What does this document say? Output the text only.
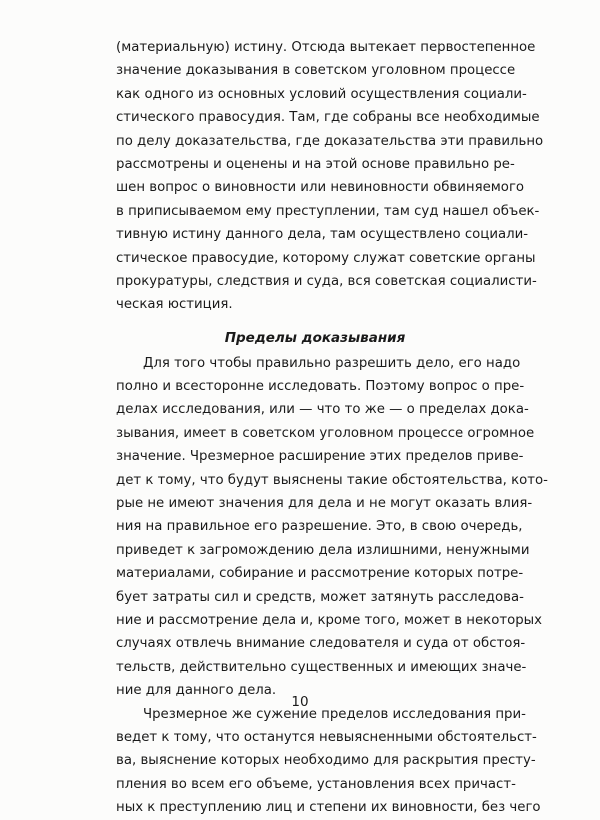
(материальную) истину. Отсюда вытекает первостепенное
значение доказывания в советском уголовном процессе
как одного из основных условий осуществления социали-
стического правосудия. Там, где собраны все необходимые
по делу доказательства, где доказательства эти правильно
рассмотрены и оценены и на этой основе правильно ре-
шен вопрос о виновности или невиновности обвиняемого
в приписываемом ему преступлении, там суд нашел объек-
тивную истину данного дела, там осуществлено социали-
стическое правосудие, которому служат советские органы
прокуратуры, следствия и суда, вся советская социалисти-
ческая юстиция.
Пределы доказывания
Для того чтобы правильно разрешить дело, его надо
полно и всесторонне исследовать. Поэтому вопрос о пре-
делах исследования, или — что то же — о пределах дока-
зывания, имеет в советском уголовном процессе огромное
значение. Чрезмерное расширение этих пределов приве-
дет к тому, что будут выяснены такие обстоятельства, кото-
рые не имеют значения для дела и не могут оказать влия-
ния на правильное его разрешение. Это, в свою очередь,
приведет к загромождению дела излишними, ненужными
материалами, собирание и рассмотрение которых потре-
бует затраты сил и средств, может затянуть расследова-
ние и рассмотрение дела и, кроме того, может в некоторых
случаях отвлечь внимание следователя и суда от обстоя-
тельств, действительно существенных и имеющих значе-
ние для данного дела.
Чрезмерное же сужение пределов исследования при-
ведет к тому, что останутся невыясненными обстоятельст-
ва, выяснение которых необходимо для раскрытия престу-
пления во всем его объеме, установления всех причаст-
ных к преступлению лиц и степени их виновности, без чего
10
